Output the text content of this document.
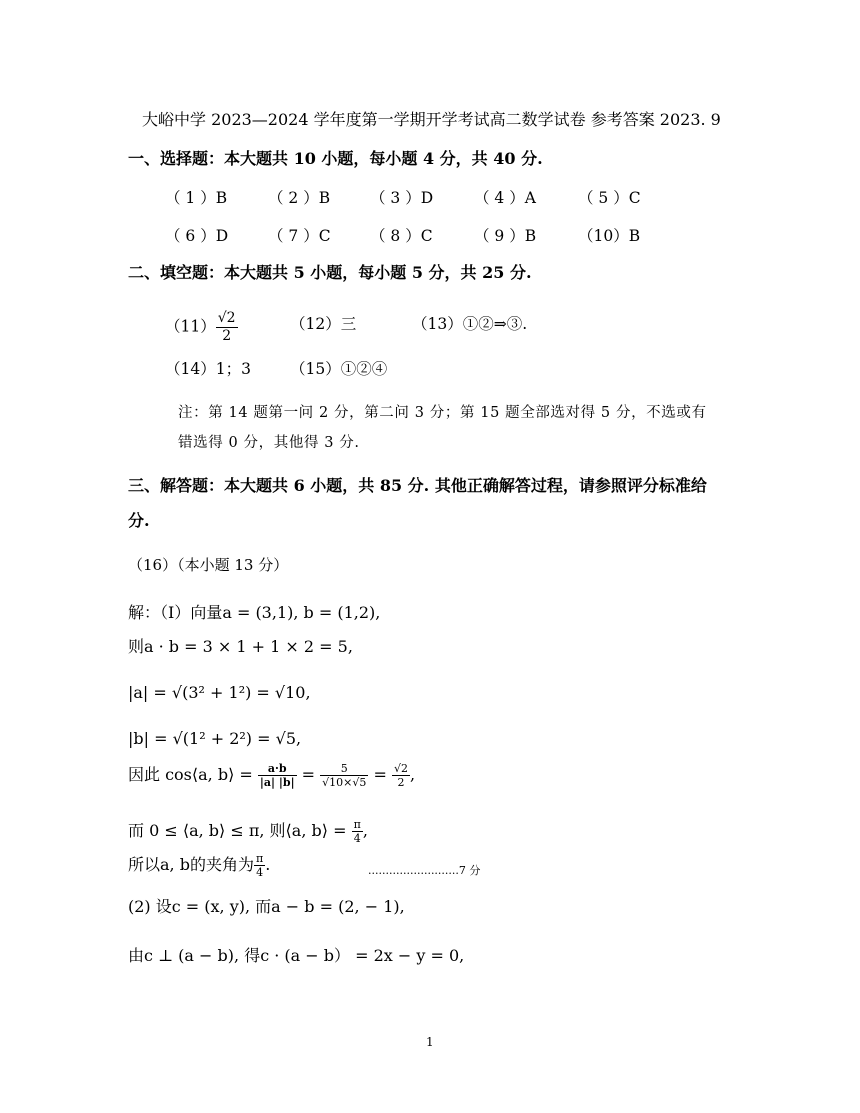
大峪中学 2023—2024 学年度第一学期开学考试高二数学试卷 参考答案 2023. 9
一、选择题：本大题共 10 小题，每小题 4 分，共 40 分.
（ 1 ）B	（ 2 ）B	（ 3 ）D	（ 4 ）A	（ 5 ）C
（ 6 ）D	（ 7 ）C	（ 8 ）C	（ 9 ）B	（10）B
二、填空题：本大题共 5 小题，每小题 5 分，共 25 分.
$(11) \frac{√2}{2}$	（12）三	（13）①②⇒③.
（14）1；3	（15）①②④
注：第 14 题第一问 2 分，第二问 3 分；第 15 题全部选对得 5 分，不选或有
错选得 0 分，其他得 3 分.
三、解答题：本大题共 6 小题，共 85 分. 其他正确解答过程，请参照评分标准给
分.
（16）（本小题 13 分）
解：（Ⅰ）向量a = (3,1), b = (1,2),
则a · b = 3 × 1 + 1 × 2 = 5,
|a| = √(3² + 1²) = √10,
|b| = √(1² + 2²) = √5,
因此 cos⟨a, b⟩ = $\frac{a\cdot b}{|a| |b|} = \frac{5}{√10\times√5} = \frac{√2}{2}$ ,
而 0 ≤ ⟨a, b⟩ ≤ π, 则⟨a, b⟩ = $\frac{\pi}{4}$ ,
所以a, b的夹角为 $\frac{\pi}{4}$ .	..........................7 分
(2) 设c = (x, y), 而a − b = (2, − 1),
由c ⊥ (a − b), 得c · (a − b） = 2x − y = 0,
1
